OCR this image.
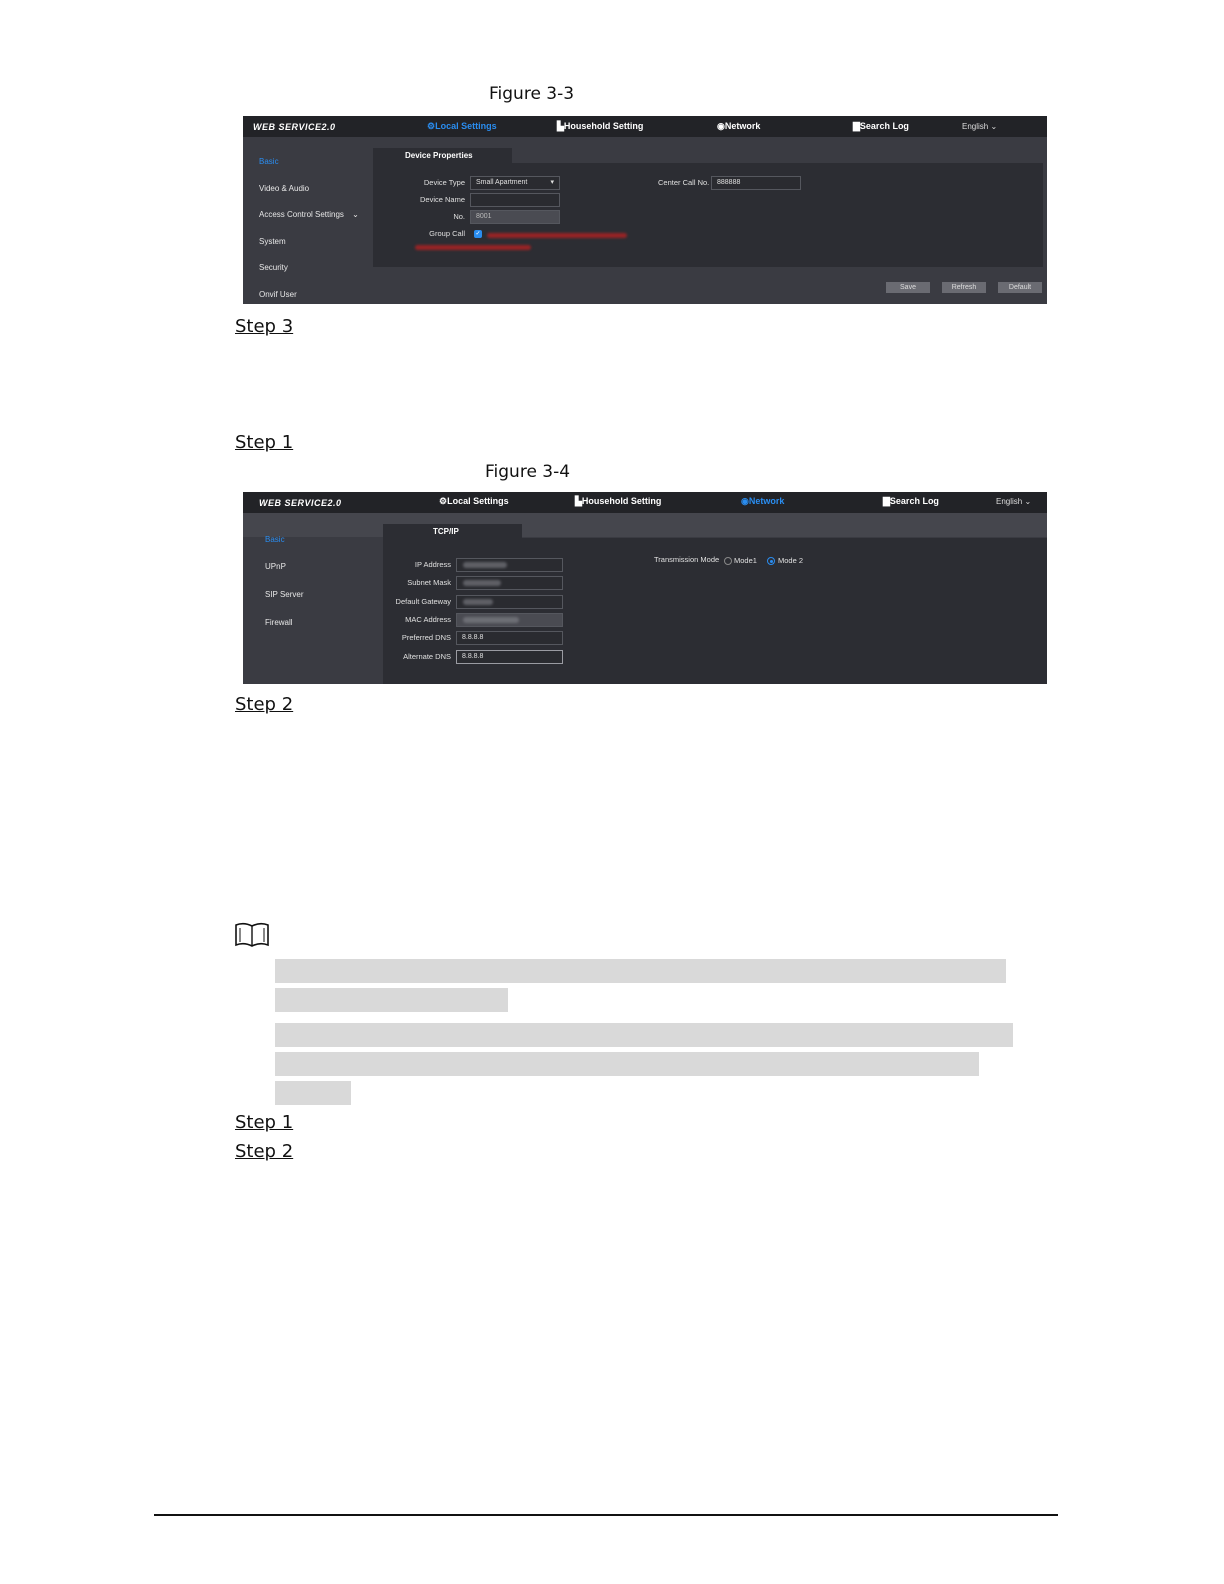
Figure 3-3
WEB SERVICE2.0	⚙Local Settings	▙Household Setting	◉Network	▇Search Log	English ⌄
Basic
Video & Audio
Access Control Settings ⌄
System
Security
Onvif User
Device Properties
Device Type	Small Apartment	▾
Device Name
No.	8001
Group Call ✓
Center Call No.	888888
Save	Refresh	Default
Step 3
Step 1
Figure 3-4
WEB SERVICE2.0	⚙Local Settings	▙Household Setting	◉Network	▇Search Log	English ⌄
Basic
UPnP
SIP Server
Firewall
TCP/IP
IP Address
Subnet Mask
Default Gateway
MAC Address
Preferred DNS	8.8.8.8
Alternate DNS	8.8.8.8
Transmission Mode Mode1	Mode 2
Step 2
Step 1
Step 2
